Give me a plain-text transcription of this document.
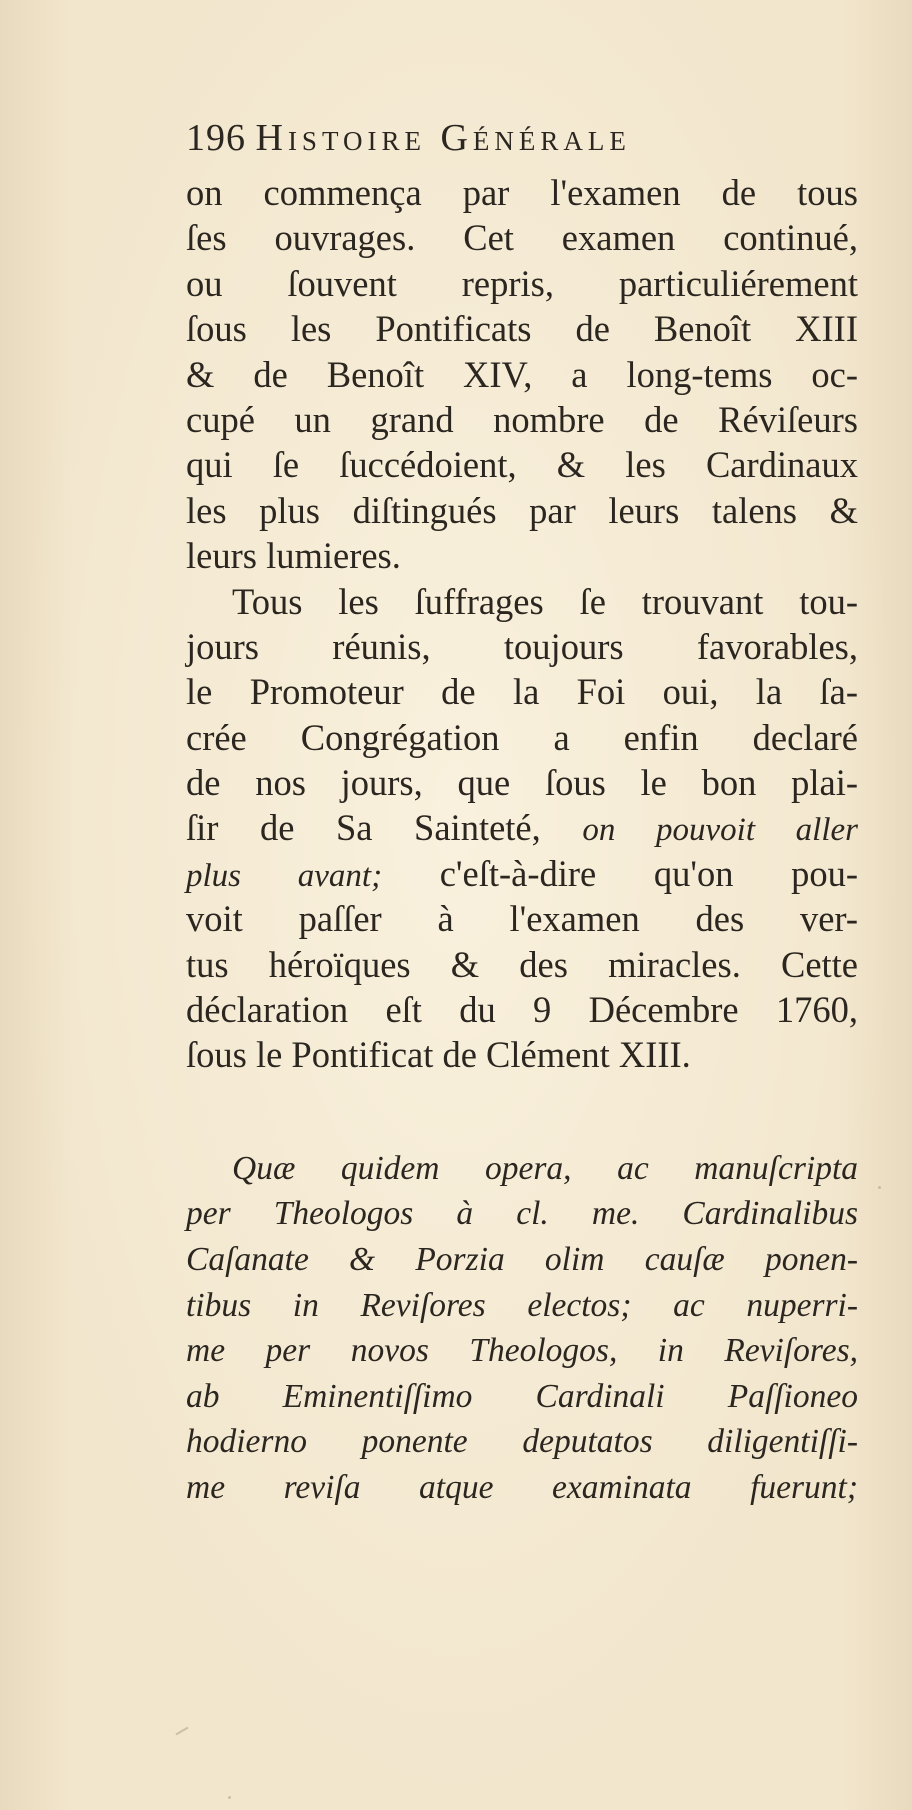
196 Histoire Générale
on commença par l'examen de tous
ſes ouvrages. Cet examen continué,
ou ſouvent repris, particuliérement
ſous les Pontificats de Benoît XIII
& de Benoît XIV, a long-tems oc-
cupé un grand nombre de Réviſeurs
qui ſe ſuccédoient, & les Cardinaux
les plus diſtingués par leurs talens &
leurs lumieres.
Tous les ſuffrages ſe trouvant tou-
jours réunis, toujours favorables,
le Promoteur de la Foi oui, la ſa-
crée Congrégation a enfin declaré
de nos jours, que ſous le bon plai-
ſir de Sa Sainteté, on pouvoit aller
plus avant; c'eſt-à-dire qu'on pou-
voit paſſer à l'examen des ver-
tus héroïques & des miracles. Cette
déclaration eſt du 9 Décembre 1760,
ſous le Pontificat de Clément XIII.
Quæ quidem opera, ac manuſcripta
per Theologos à cl. me. Cardinalibus
Caſanate & Porzia olim cauſæ ponen-
tibus in Reviſores electos; ac nuperri-
me per novos Theologos, in Reviſores,
ab Eminentiſſimo Cardinali Paſſioneo
hodierno ponente deputatos diligentiſſi-
me reviſa atque examinata fuerunt;
